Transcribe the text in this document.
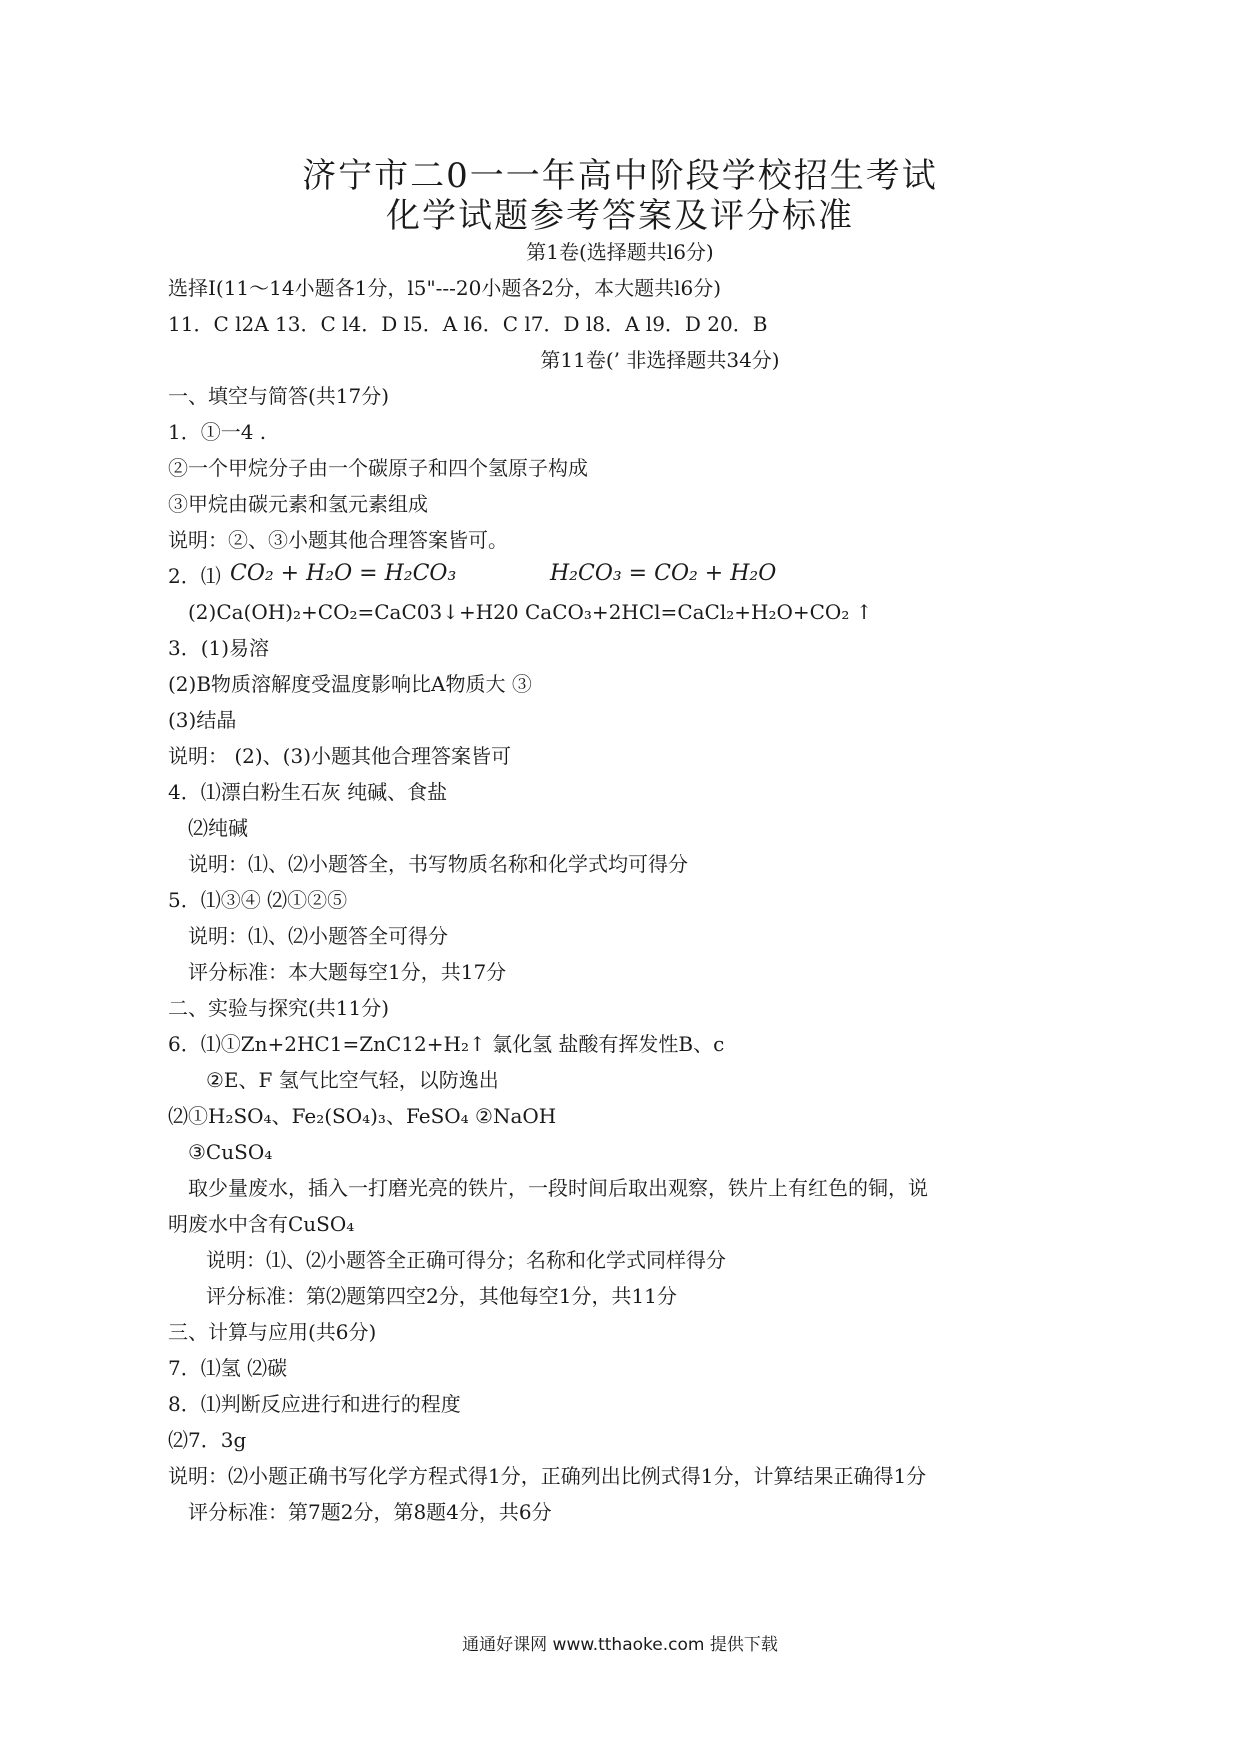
济宁市二0一一年高中阶段学校招生考试
化学试题参考答案及评分标准
第1卷(选择题共l6分)
选择I(11～14小题各1分，l5"---20小题各2分，本大题共l6分)
11．C l2A 13．C l4．D l5．A l6．C l7．D l8．A l9．D 20．B
第11卷(’ 非选择题共34分)
一、填空与简答(共17分)
1．①一4 .
②一个甲烷分子由一个碳原子和四个氢原子构成
③甲烷由碳元素和氢元素组成
说明：②、③小题其他合理答案皆可。
2．⑴ CO₂ + H₂O = H₂CO₃	H₂CO₃ = CO₂ + H₂O
(2)Ca(OH)₂+CO₂=CaC03↓+H20 CaCO₃+2HCl=CaCl₂+H₂O+CO₂ ↑
3．(1)易溶
(2)B物质溶解度受温度影响比A物质大 ③
(3)结晶
说明： (2)、(3)小题其他合理答案皆可
4．⑴漂白粉生石灰 纯碱、食盐
⑵纯碱
说明：⑴、⑵小题答全，书写物质名称和化学式均可得分
5．⑴③④ ⑵①②⑤
说明：⑴、⑵小题答全可得分
评分标准：本大题每空1分，共17分
二、实验与探究(共11分)
6．⑴①Zn+2HC1=ZnC12+H₂↑ 氯化氢 盐酸有挥发性B、c
②E、F 氢气比空气轻，以防逸出
⑵①H₂SO₄、Fe₂(SO₄)₃、FeSO₄ ②NaOH
③CuSO₄
取少量废水，插入一打磨光亮的铁片，一段时间后取出观察，铁片上有红色的铜，说
明废水中含有CuSO₄
说明：⑴、⑵小题答全正确可得分；名称和化学式同样得分
评分标准：第⑵题第四空2分，其他每空1分，共11分
三、计算与应用(共6分)
7．⑴氢 ⑵碳
8．⑴判断反应进行和进行的程度
⑵7．3g
说明：⑵小题正确书写化学方程式得1分，正确列出比例式得1分，计算结果正确得1分
评分标准：第7题2分，第8题4分，共6分
通通好课网 www.tthaoke.com 提供下载
